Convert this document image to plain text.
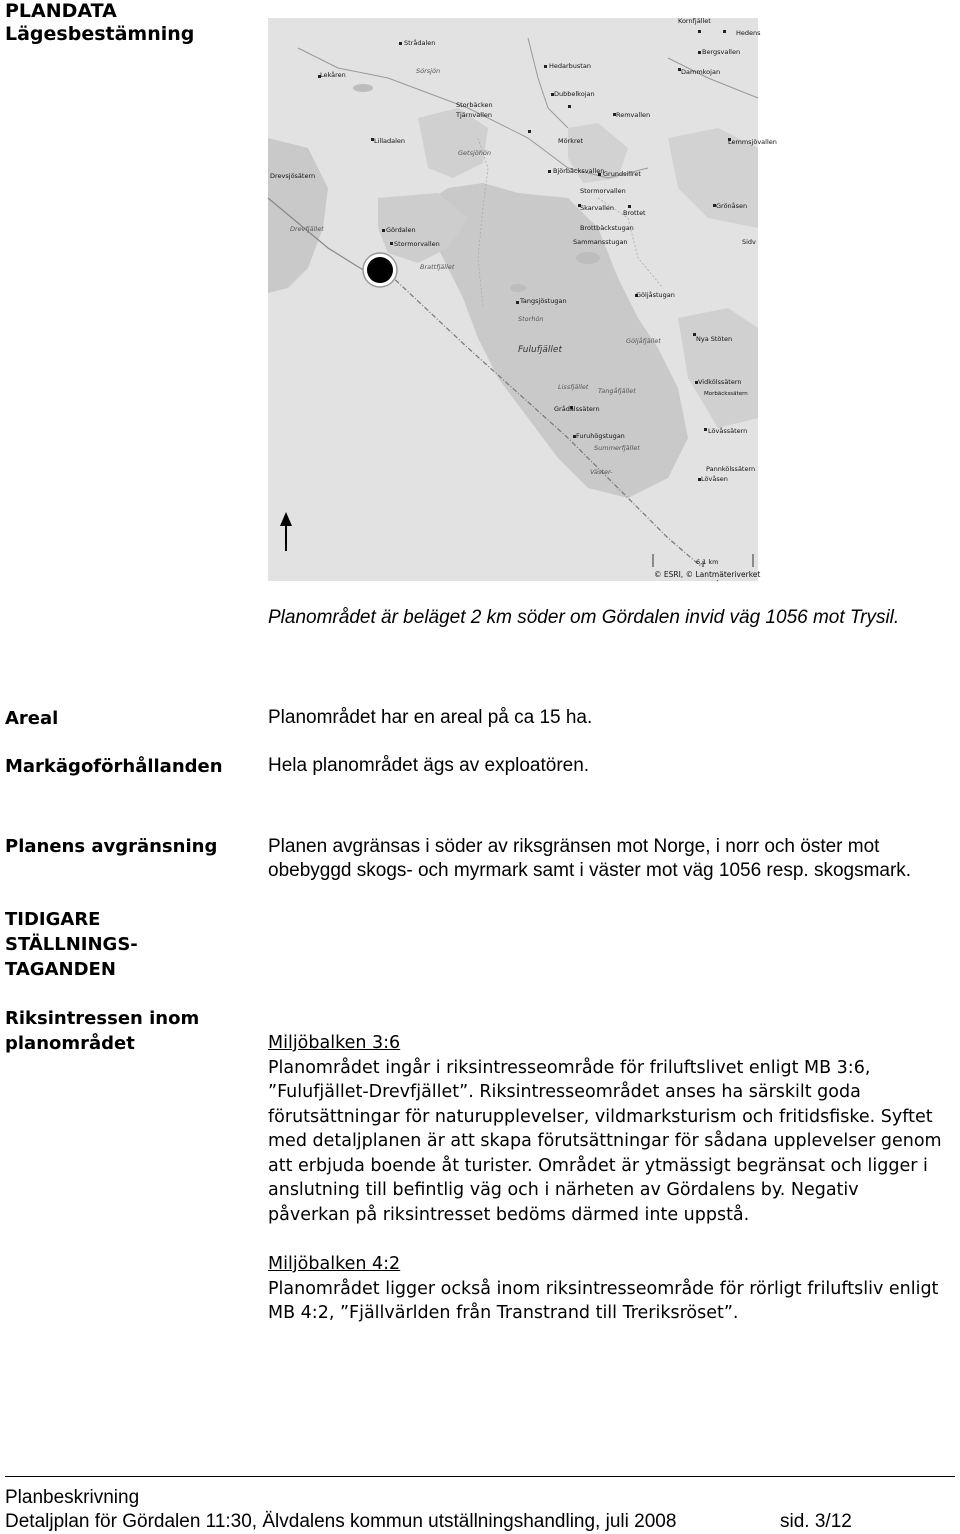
PLANDATA
Lägesbestämning
6,1 km
© ESRI, © Lantmäteriverket
Strådalen
Sörsjön
Lekåren
Hedarbustan
Dubbelkojan
Storbäcken
Tjärnvallen	Remvallen
Lilladalen	Mörkret
Getsjöhön
Drevsjösätern
Björbäcksvallen
Grundsillret
Stormorvallen
Skarvallen
Brottet
Brottbäckstugan
Drevfjället	Gördalen
Stormorvallen	Sammansstugan
Brattfjället
Tangsjöstugan
Storhön
Göljåstugan
Göljåfjället
Fulufjället
Nya Stöten
Vidkölssätern
Morbäckssätern
Lissfjället Tangåfjället
Grådalssätern
Furuhögstugan
Summerfjället
Lövåssätern
Pannkölssätern
Lövåsen
Väster-
Kornfjället
Hedens
Bergsvallen
Dammkojan
Lemmsjövallen
Grönåsen
Sidv
Planområdet är beläget 2 km söder om Gördalen invid väg 1056 mot Trysil.
Areal	Planområdet har en areal på ca 15 ha.
Markägoförhållanden Hela planområdet ägs av exploatören.
Planens avgränsning	Planen avgränsas i söder av riksgränsen mot Norge, i norr och öster mot
obebyggd skogs- och myrmark samt i väster mot väg 1056 resp. skogsmark.
TIDIGARE
STÄLLNINGS-
TAGANDEN
Riksintressen inom
planområdet	Miljöbalken 3:6
Planområdet ingår i riksintresseområde för friluftslivet enligt MB 3:6,
”Fulufjället-Drevfjället”. Riksintresseområdet anses ha särskilt goda
förutsättningar för naturupplevelser, vildmarksturism och fritidsfiske. Syftet
med detaljplanen är att skapa förutsättningar för sådana upplevelser genom
att erbjuda boende åt turister. Området är ytmässigt begränsat och ligger i
anslutning till befintlig väg och i närheten av Gördalens by. Negativ
påverkan på riksintresset bedöms därmed inte uppstå.
Miljöbalken 4:2
Planområdet ligger också inom riksintresseområde för rörligt friluftsliv enligt
MB 4:2, ”Fjällvärlden från Transtrand till Treriksröset”.
Planbeskrivning
Detaljplan för Gördalen 11:30, Älvdalens kommun utställningshandling, juli 2008	sid. 3/12
